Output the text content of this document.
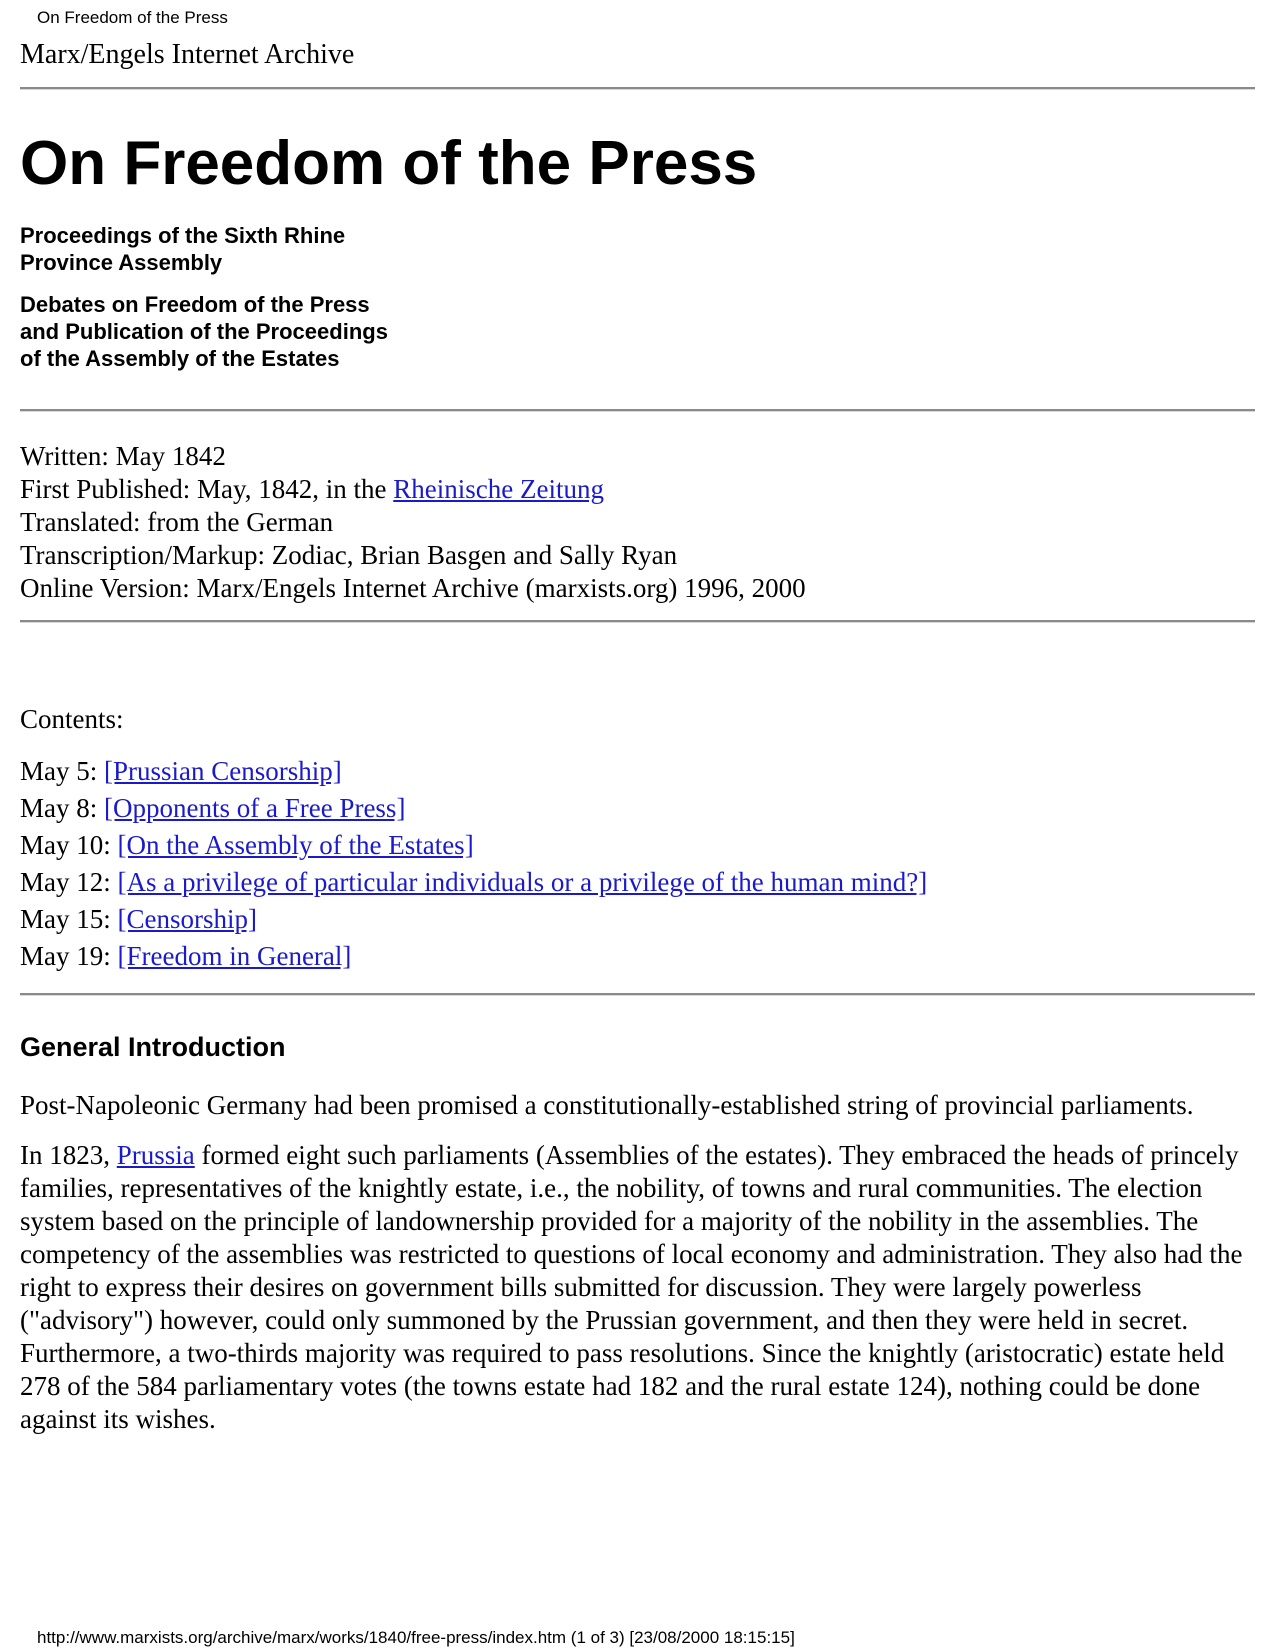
On Freedom of the Press
Marx/Engels Internet Archive
On Freedom of the Press

Proceedings of the Sixth Rhine
Province Assembly

Debates on Freedom of the Press
and Publication of the Proceedings
of the Assembly of the Estates

Written: May 1842
First Published: May, 1842, in the Rheinische Zeitung
Translated: from the German
Transcription/Markup: Zodiac, Brian Basgen and Sally Ryan
Online Version: Marx/Engels Internet Archive (marxists.org) 1996, 2000
Contents:
May 5: [Prussian Censorship]
May 8: [Opponents of a Free Press]
May 10: [On the Assembly of the Estates]
May 12: [As a privilege of particular individuals or a privilege of the human mind?]
May 15: [Censorship]
May 19: [Freedom in General]
General Introduction

Post-Napoleonic Germany had been promised a constitutionally-established string of provincial parliaments.

In 1823, Prussia formed eight such parliaments (Assemblies of the estates). They embraced the heads of princely families, representatives of the knightly estate, i.e., the nobility, of towns and rural communities. The election system based on the principle of landownership provided for a majority of the nobility in the assemblies. The competency of the assemblies was restricted to questions of local economy and administration. They also had the right to express their desires on government bills submitted for discussion. They were largely powerless ("advisory") however, could only summoned by the Prussian government, and then they were held in secret. Furthermore, a two-thirds majority was required to pass resolutions. Since the knightly (aristocratic) estate held 278 of the 584 parliamentary votes (the towns estate had 182 and the rural estate 124), nothing could be done against its wishes.

http://www.marxists.org/archive/marx/works/1840/free-press/index.htm (1 of 3) [23/08/2000 18:15:15]
